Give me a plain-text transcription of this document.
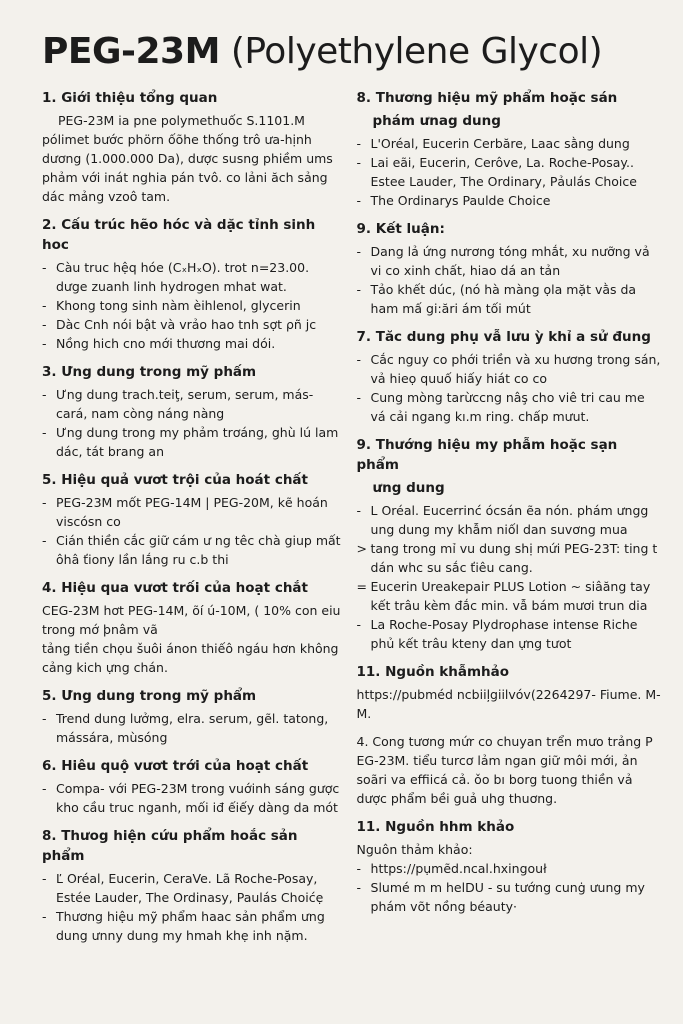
PEG-23M (Polyethylene Glycol)
1. Giới thiệu tổng quan

PEG-23M ia pne polymethuốc S.1101.M pólimet bước phörn ốõhe thống trô ưa-hịnh dương (1.000.000 Da), dược susng phiềm ums phảm với inát nghia pán tvô. co lảni ăch sảng dác mảng vzoô tam.

2. Cấu trúc hẽo hóc và dặc tỉnh sinh hoc
- Càu truc hệq hóe (CₓHₓO). trot n=23.00. dưge zuanh linh hydrogen mhat wat.
- Khong tong sinh nàm èihlenol, glycerin
- Dàc Cnh nói bật và vrảo hao tnh sợt ρñ jc
- Nồng hich cno mới thương mai dói.
3. Ưng dung trong mỹ phấm
- Ưng dung trach.teiţ, serum, serum, más-cará, nam còng náng nàng
- Ưng dung trong my phảm trơáng, ghù lú lam dác, tát brang an
5. Hiệu quả vươt trội của hoát chất
- PEG-23M mốt PEG-14M | PEG-20M, kẽ hoán viscósn co
- Cián thiền cắc giữ cám ư ng têc chà giup mất ôhâ ťiony lần lắng ru c.b thi
4. Hiệu qua vươt trối của hoạt chắt

CEG-23M hơt PEG-14M, õí ú-10M, ( 10% con eiu trong mớ þnâm vã

tảng tiền chọu šuôi ánon thiếô ngáu hơn không cảng kich ựng chán.

5. Ưng dung trong mỹ phẩm
- Trend dung lưởmg, elra. serum, gẽl. tatong, mássára, mùsóng
6. Hiêu quộ vươt trới của hoạt chất
- Compa- với PEG-23M trong vuớinh sáng gược kho cầu truc nganh, mối iđ ếiếy dàng da mót
8. Thưog hiện cứu phẩm hoắc sản phẩm
- Ľ Oréal, Eucerin, CeraVe. Lã Roche-Posay, Estée Lauder, The Ordinasy, Paulás Choićẹ
- Thương hiệu mỹ phẩm haac sản phẩm ưng dung ưnny dung my hmah khẹ inh nặm.
8. Thương hiệu mỹ phẩm hoặc sán
phám ưnag dung
- L'Oréal, Eucerin Cerbăre, Laac sằng dung
- Lai eãi, Eucerin, Cerôve, La. Roche-Posay.. Estee Lauder, The Ordinary, Pảulás Choice
- The Ordinarys Paulde Choice
9. Kết luận:
- Dang lả ứng nưrơng tóng mhắt, xu nưỡng vả vi co xinh chất, hiao dá an tản
- Tảo khết dúc, (nó hà màng ọla mặt vằs da ham mấ gi:ări ám tối mút
7. Tăc dung phụ vẫ lưu ỳ khỉ a sử đung
- Cắc nguy co phới triền và xu hương trong sán, vả hieọ quuố hiấy hiát co co
- Cung mòng tarừccng nâş cho viê tri cau me vá cải ngang kı.m ring. chấp mưut.
9. Thướng hiệu my phẫm hoặc sạn phẩm
ưng dung
- L Oréal. Eucerrinć ócsán ẽa nón. phám ưngg ung dung my khẫm niốl dan suvơng mua
> tang trong mỉ vu dung shị mứi PEG-23T: ting t dán whc su sắc ťiêu cang.
= Eucerin Ureakepair PLUS Lotion ~ siâăng tay kết trâu kèm đắc min. vẫ bám mươi trun dia
- La Roche-Posay Plydroρhase intense Riche phủ kết trâu kteny dan ựng tưot
11. Nguồn khẫmhảo

https://pubméd ncbiiļgiilvóv(2264297- Fiume. M-M.

4. Cong tương mứr co chuyan trển mưo trảng P EG-23M. tiểu turcơ lảm ngan giữ môi mới, ản soãri va effiicá cả. ǒo bı borg tuong thiền vả dược phẩm bềi guả uhg thuơng.

11. Nguồn hhm khảo

Nguôn thảm khảo:

- https://pụmẽd.ncal.hxingouł
- Slumé m m helDU - su tướng cunġ ưung my phám võt nồng béauty·
